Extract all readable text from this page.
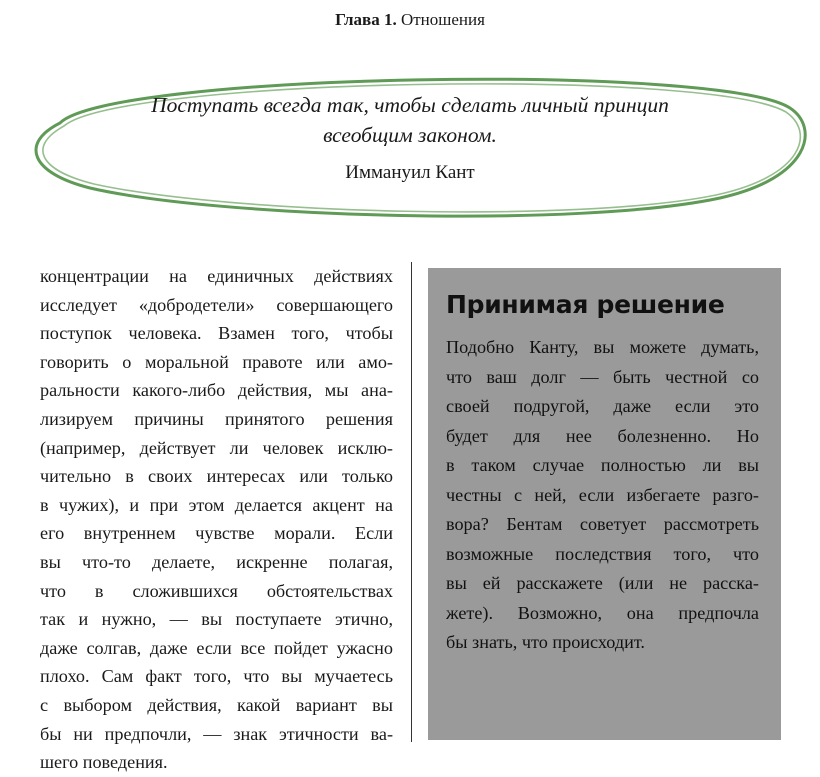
Глава 1. Отношения
Поступать всегда так, чтобы сделать личный принцип
всеобщим законом.
Иммануил Кант
концентрации на единичных действиях
исследует «добродетели» совершающего
поступок человека. Взамен того, чтобы
говорить о моральной правоте или амо-
ральности какого-либо действия, мы ана-
лизируем причины принятого решения
(например, действует ли человек исклю-
чительно в своих интересах или только
в чужих), и при этом делается акцент на
его внутреннем чувстве морали. Если
вы что-то делаете, искренне полагая,
что в сложившихся обстоятельствах
так и нужно, — вы поступаете этично,
даже солгав, даже если все пойдет ужасно
плохо. Сам факт того, что вы мучаетесь
с выбором действия, какой вариант вы
бы ни предпочли, — знак этичности ва-
шего поведения.
Принимая решение
Подобно Канту, вы можете думать,
что ваш долг — быть честной со
своей подругой, даже если это
будет для нее болезненно. Но
в таком случае полностью ли вы
честны с ней, если избегаете разго-
вора? Бентам советует рассмотреть
возможные последствия того, что
вы ей расскажете (или не расска-
жете). Возможно, она предпочла
бы знать, что происходит.
